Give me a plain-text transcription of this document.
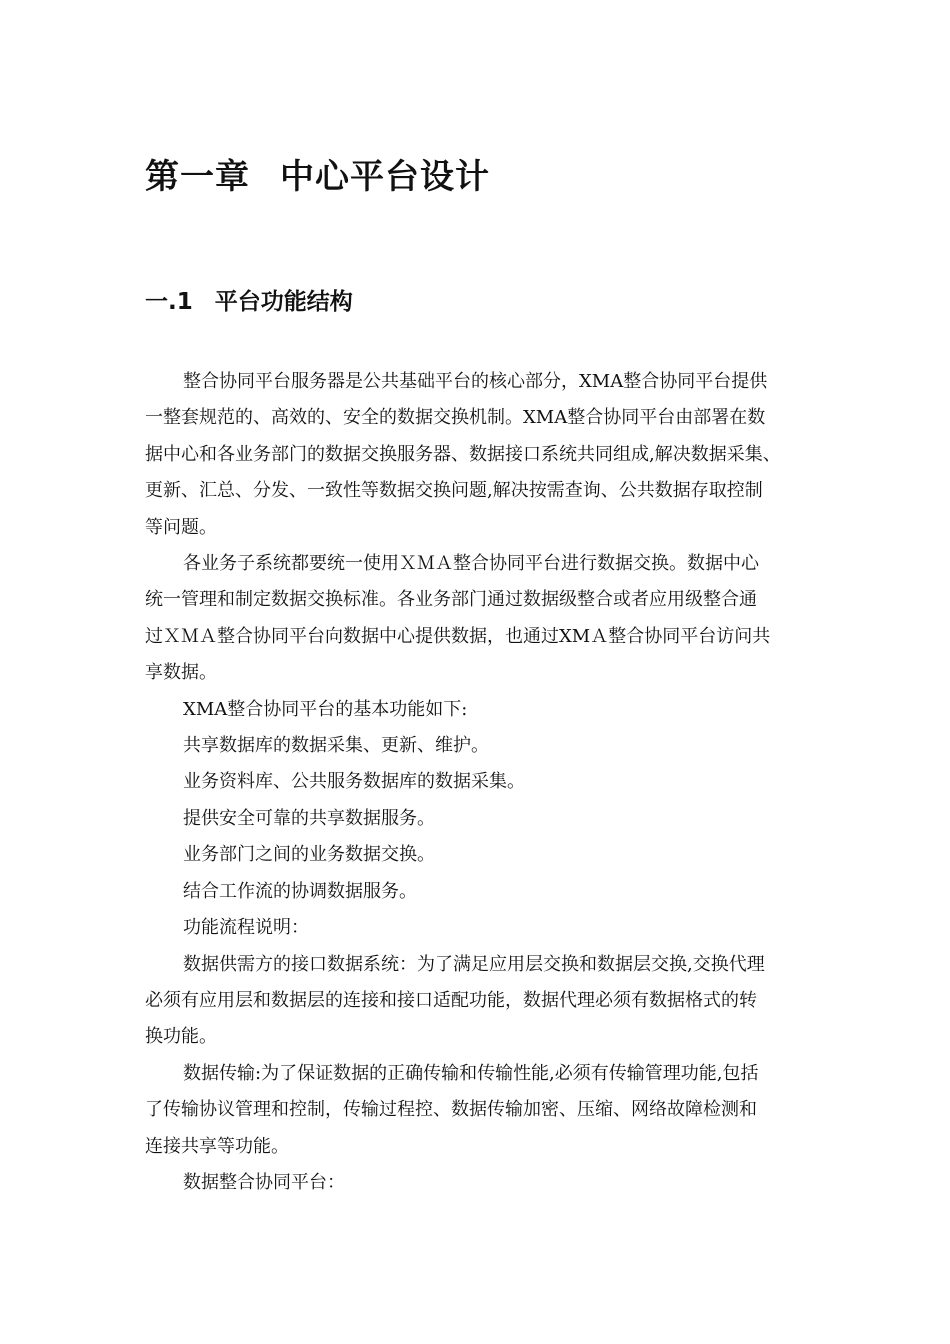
第一章 中心平台设计
一.1 平台功能结构

整合协同平台服务器是公共基础平台的核心部分，XMA整合协同平台提供

一整套规范的、高效的、安全的数据交换机制。XMA整合协同平台由部署在数

据中心和各业务部门的数据交换服务器、数据接口系统共同组成,解决数据采集、

更新、汇总、分发、一致性等数据交换问题,解决按需查询、公共数据存取控制

等问题。

各业务子系统都要统一使用ＸＭＡ整合协同平台进行数据交换。数据中心

统一管理和制定数据交换标准。各业务部门通过数据级整合或者应用级整合通

过ＸＭＡ整合协同平台向数据中心提供数据，也通过XMＡ整合协同平台访问共

享数据。

XMA整合协同平台的基本功能如下:

共享数据库的数据采集、更新、维护。

业务资料库、公共服务数据库的数据采集。

提供安全可靠的共享数据服务。

业务部门之间的业务数据交换。

结合工作流的协调数据服务。

功能流程说明：

数据供需方的接口数据系统：为了满足应用层交换和数据层交换,交换代理

必须有应用层和数据层的连接和接口适配功能，数据代理必须有数据格式的转

换功能。

数据传输:为了保证数据的正确传输和传输性能,必须有传输管理功能,包括

了传输协议管理和控制，传输过程控、数据传输加密、压缩、网络故障检测和

连接共享等功能。

数据整合协同平台：
